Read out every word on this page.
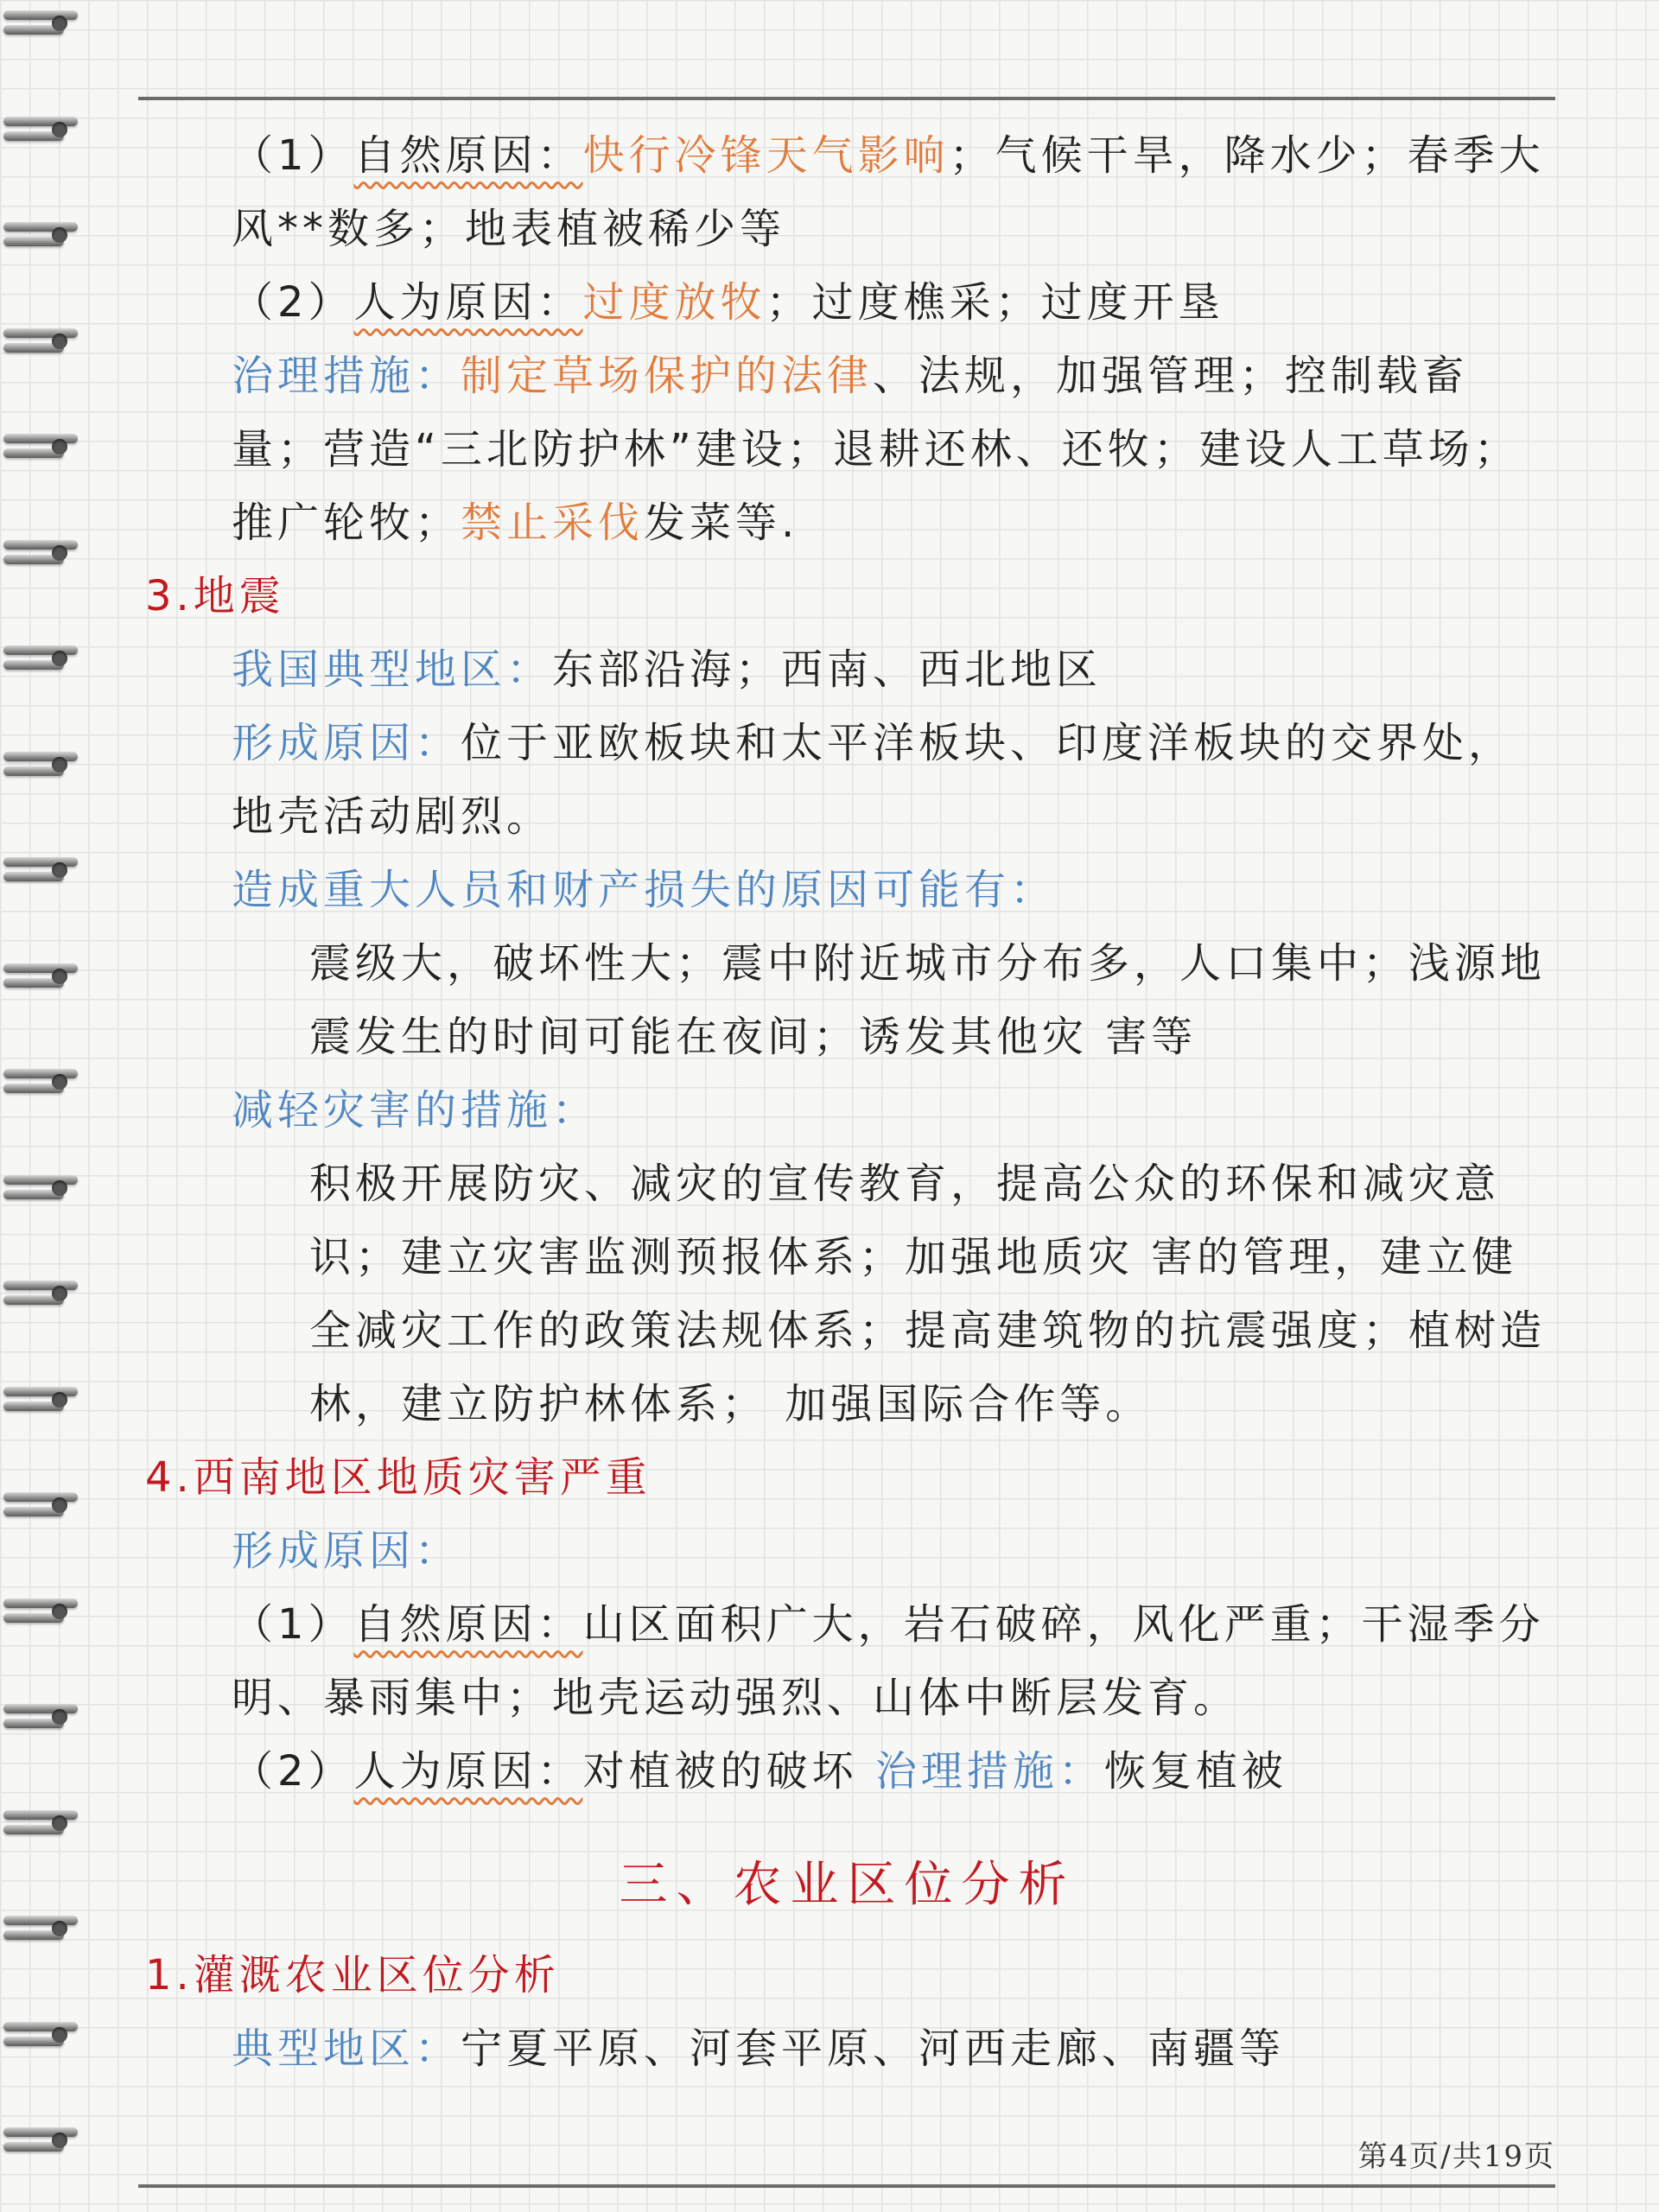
（1）自然原因：快行冷锋天气影响；气候干旱，降水少；春季大风**数多；地表植被稀少等

（2）人为原因：过度放牧；过度樵采；过度开垦

治理措施：制定草场保护的法律、法规，加强管理；控制载畜量；营造“三北防护林”建设；退耕还林、还牧；建设人工草场；推广轮牧；禁止采伐发菜等.

3.地震

我国典型地区：东部沿海；西南、西北地区

形成原因：位于亚欧板块和太平洋板块、印度洋板块的交界处，地壳活动剧烈。

造成重大人员和财产损失的原因可能有：

震级大，破坏性大；震中附近城市分布多，人口集中；浅源地震发生的时间可能在夜间；诱发其他灾 害等

减轻灾害的措施：

积极开展防灾、减灾的宣传教育，提高公众的环保和减灾意识；建立灾害监测预报体系；加强地质灾 害的管理，建立健全减灾工作的政策法规体系；提高建筑物的抗震强度；植树造林，建立防护林体系； 加强国际合作等。

4.西南地区地质灾害严重

形成原因：

（1）自然原因：山区面积广大，岩石破碎，风化严重；干湿季分明、暴雨集中；地壳运动强烈、山体中断层发育。

（2）人为原因：对植被的破坏 治理措施：恢复植被

三、农业区位分析

1.灌溉农业区位分析

典型地区：宁夏平原、河套平原、河西走廊、南疆等

第4页/共19页
